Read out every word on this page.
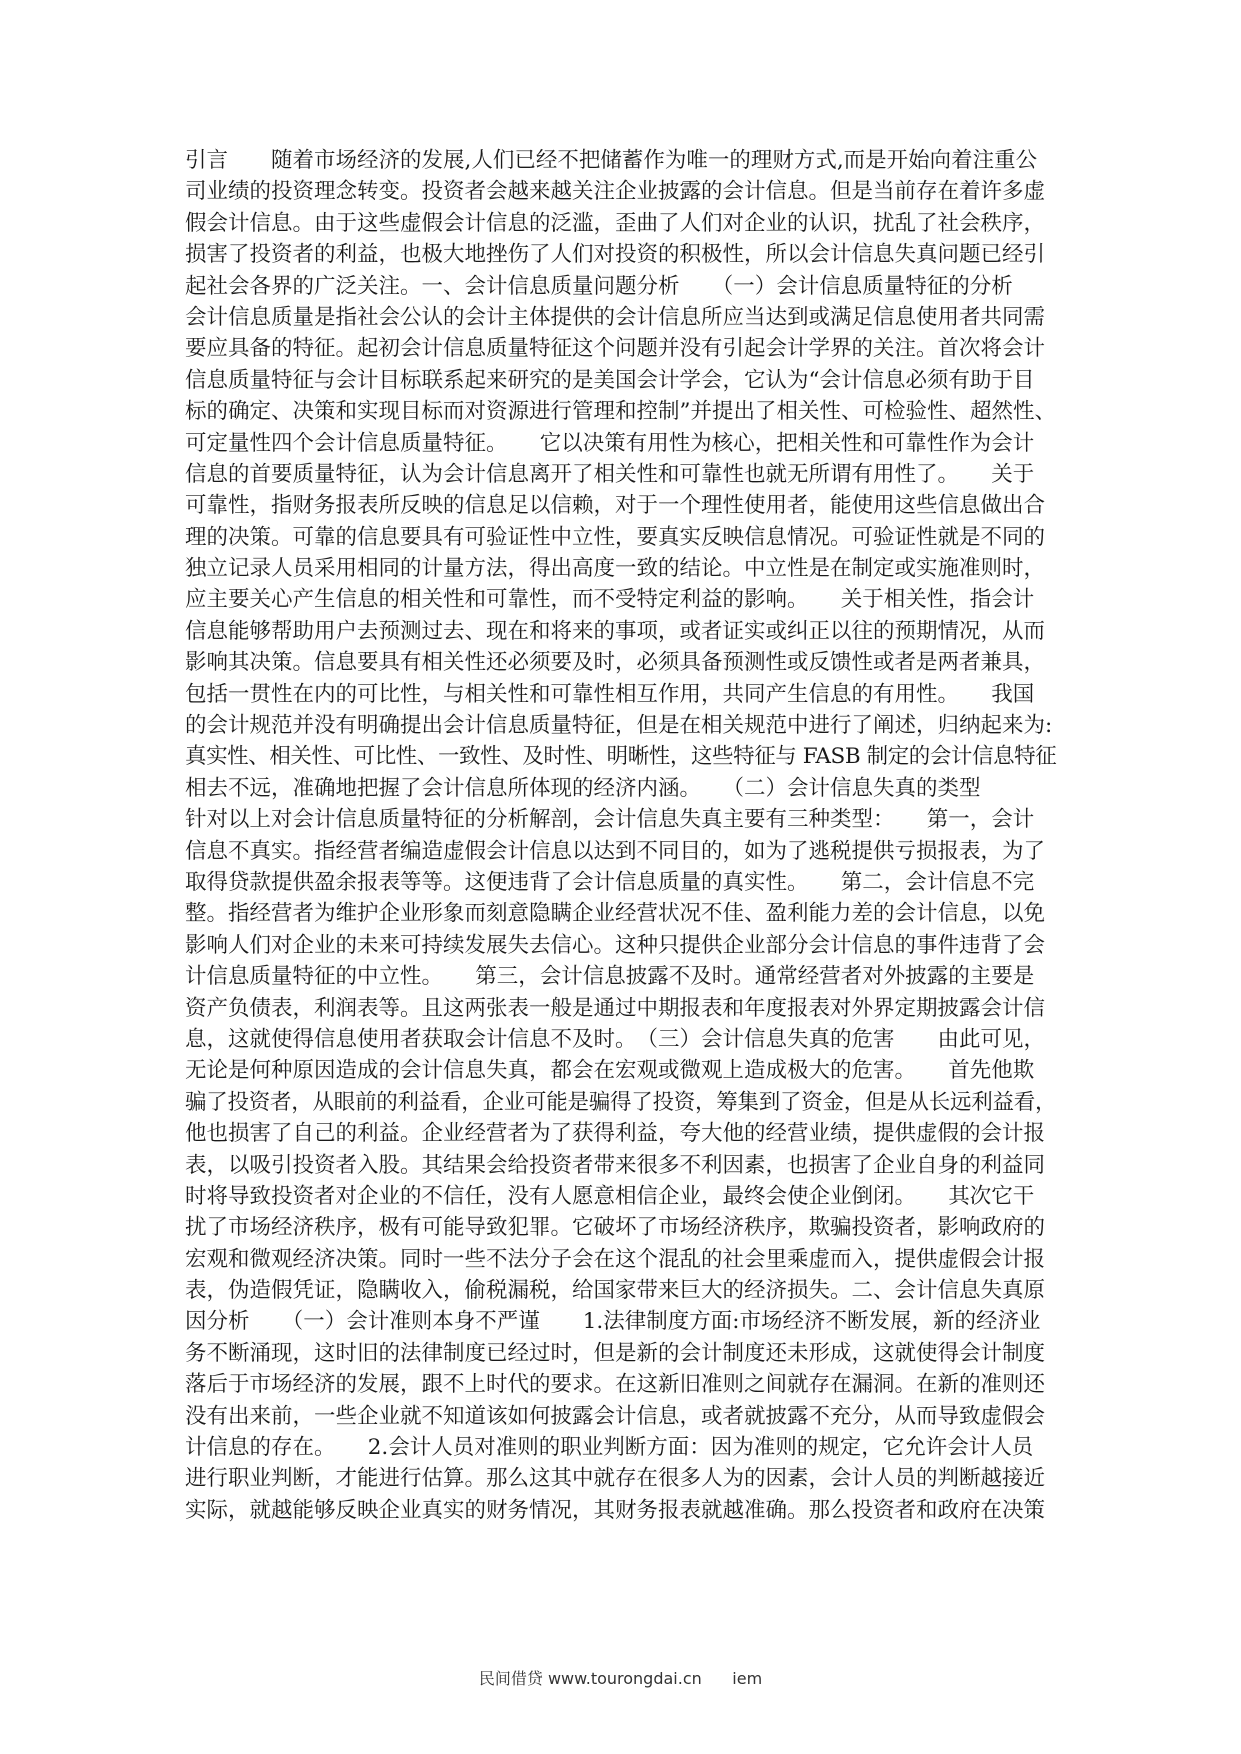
引言　　随着市场经济的发展,人们已经不把储蓄作为唯一的理财方式,而是开始向着注重公
司业绩的投资理念转变。投资者会越来越关注企业披露的会计信息。但是当前存在着许多虚
假会计信息。由于这些虚假会计信息的泛滥，歪曲了人们对企业的认识，扰乱了社会秩序，
损害了投资者的利益，也极大地挫伤了人们对投资的积极性，所以会计信息失真问题已经引
起社会各界的广泛关注。一、会计信息质量问题分析　　（一）会计信息质量特征的分析
会计信息质量是指社会公认的会计主体提供的会计信息所应当达到或满足信息使用者共同需
要应具备的特征。起初会计信息质量特征这个问题并没有引起会计学界的关注。首次将会计
信息质量特征与会计目标联系起来研究的是美国会计学会，它认为“会计信息必须有助于目
标的确定、决策和实现目标而对资源进行管理和控制”并提出了相关性、可检验性、超然性、
可定量性四个会计信息质量特征。　　它以决策有用性为核心，把相关性和可靠性作为会计
信息的首要质量特征，认为会计信息离开了相关性和可靠性也就无所谓有用性了。　　关于
可靠性，指财务报表所反映的信息足以信赖，对于一个理性使用者，能使用这些信息做出合
理的决策。可靠的信息要具有可验证性中立性，要真实反映信息情况。可验证性就是不同的
独立记录人员采用相同的计量方法，得出高度一致的结论。中立性是在制定或实施准则时，
应主要关心产生信息的相关性和可靠性，而不受特定利益的影响。　　关于相关性，指会计
信息能够帮助用户去预测过去、现在和将来的事项，或者证实或纠正以往的预期情况，从而
影响其决策。信息要具有相关性还必须要及时，必须具备预测性或反馈性或者是两者兼具，
包括一贯性在内的可比性，与相关性和可靠性相互作用，共同产生信息的有用性。　　我国
的会计规范并没有明确提出会计信息质量特征，但是在相关规范中进行了阐述，归纳起来为:
真实性、相关性、可比性、一致性、及时性、明晰性，这些特征与 FASB 制定的会计信息特征
相去不远，准确地把握了会计信息所体现的经济内涵。　　（二）会计信息失真的类型
针对以上对会计信息质量特征的分析解剖，会计信息失真主要有三种类型：　　第一，会计
信息不真实。指经营者编造虚假会计信息以达到不同目的，如为了逃税提供亏损报表，为了
取得贷款提供盈余报表等等。这便违背了会计信息质量的真实性。　　第二，会计信息不完
整。指经营者为维护企业形象而刻意隐瞒企业经营状况不佳、盈利能力差的会计信息，以免
影响人们对企业的未来可持续发展失去信心。这种只提供企业部分会计信息的事件违背了会
计信息质量特征的中立性。　　第三，会计信息披露不及时。通常经营者对外披露的主要是
资产负债表，利润表等。且这两张表一般是通过中期报表和年度报表对外界定期披露会计信
息，这就使得信息使用者获取会计信息不及时。　（三）会计信息失真的危害　　由此可见，
无论是何种原因造成的会计信息失真，都会在宏观或微观上造成极大的危害。　　首先他欺
骗了投资者，从眼前的利益看，企业可能是骗得了投资，筹集到了资金，但是从长远利益看，
他也损害了自己的利益。企业经营者为了获得利益，夸大他的经营业绩，提供虚假的会计报
表，以吸引投资者入股。其结果会给投资者带来很多不利因素，也损害了企业自身的利益同
时将导致投资者对企业的不信任，没有人愿意相信企业，最终会使企业倒闭。　　其次它干
扰了市场经济秩序，极有可能导致犯罪。它破坏了市场经济秩序，欺骗投资者，影响政府的
宏观和微观经济决策。同时一些不法分子会在这个混乱的社会里乘虚而入，提供虚假会计报
表，伪造假凭证，隐瞒收入，偷税漏税，给国家带来巨大的经济损失。二、会计信息失真原
因分析　　（一）会计准则本身不严谨　　1.法律制度方面:市场经济不断发展，新的经济业
务不断涌现，这时旧的法律制度已经过时，但是新的会计制度还未形成，这就使得会计制度
落后于市场经济的发展，跟不上时代的要求。在这新旧准则之间就存在漏洞。在新的准则还
没有出来前，一些企业就不知道该如何披露会计信息，或者就披露不充分，从而导致虚假会
计信息的存在。　　2.会计人员对准则的职业判断方面：因为准则的规定，它允许会计人员
进行职业判断，才能进行估算。那么这其中就存在很多人为的因素，会计人员的判断越接近
实际，就越能够反映企业真实的财务情况，其财务报表就越准确。那么投资者和政府在决策
民间借贷 www.tourongdai.cn iem
